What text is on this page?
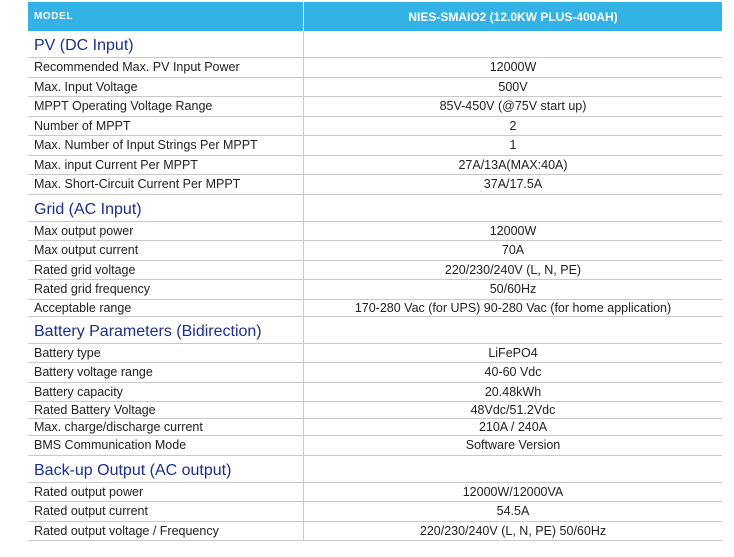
MODEL	NIES-SMAIO2 (12.0KW PLUS-400AH)
PV (DC Input)
Recommended Max. PV Input Power	12000W
Max. Input Voltage	500V
MPPT Operating Voltage Range	85V-450V (@75V start up)
Number of MPPT	2
Max. Number of Input Strings Per MPPT	1
Max. input Current Per MPPT	27A/13A(MAX:40A)
Max. Short-Circuit Current Per MPPT	37A/17.5A
Grid (AC Input)
Max output power	12000W
Max output current	70A
Rated grid voltage	220/230/240V (L, N, PE)
Rated grid frequency	50/60Hz
Acceptable range	170-280 Vac (for UPS) 90-280 Vac (for home application)
Battery Parameters (Bidirection)
Battery type	LiFePO4
Battery voltage range	40-60 Vdc
Battery capacity	20.48kWh
Rated Battery Voltage	48Vdc/51.2Vdc
Max. charge/discharge current	210A / 240A
BMS Communication Mode	Software Version
Back-up Output (AC output)
Rated output power	12000W/12000VA
Rated output current	54.5A
Rated output voltage / Frequency	220/230/240V (L, N, PE) 50/60Hz
